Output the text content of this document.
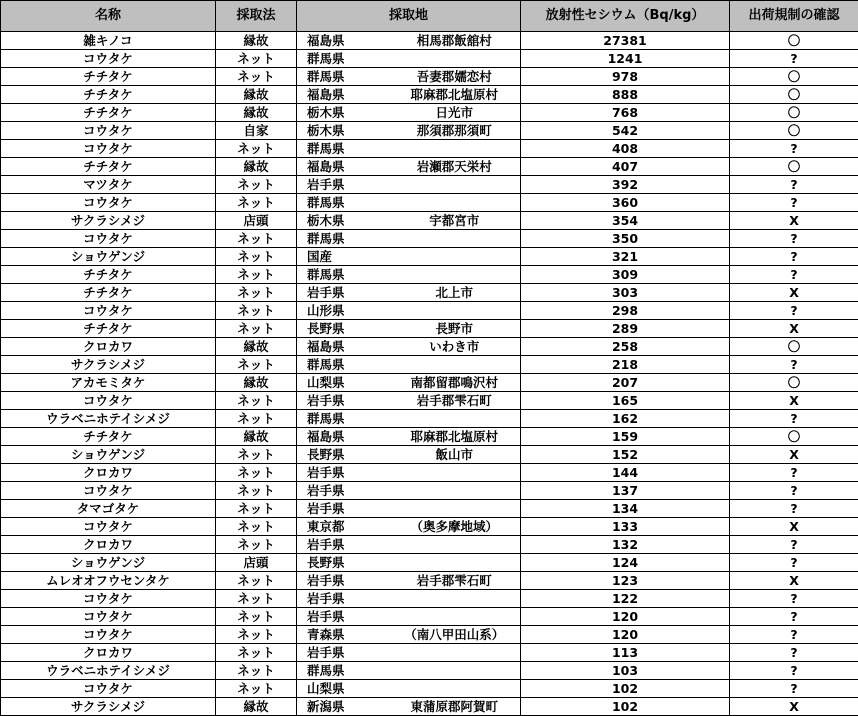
名称	採取法	採取地		放射性セシウム（Bq/kg）	出荷規制の確認
雑キノコ	縁故	福島県	相馬郡飯舘村	27381	〇
コウタケ	ネット	群馬県		1241	?
チチタケ	ネット	群馬県	吾妻郡嬬恋村	978	〇
チチタケ	縁故	福島県	耶麻郡北塩原村	888	〇
チチタケ	縁故	栃木県	日光市	768	〇
コウタケ	自家	栃木県	那須郡那須町	542	〇
コウタケ	ネット	群馬県		408	?
チチタケ	縁故	福島県	岩瀬郡天栄村	407	〇
マツタケ	ネット	岩手県		392	?
コウタケ	ネット	群馬県		360	?
サクラシメジ	店頭	栃木県	宇都宮市	354	X
コウタケ	ネット	群馬県		350	?
ショウゲンジ	ネット	国産		321	?
チチタケ	ネット	群馬県		309	?
チチタケ	ネット	岩手県	北上市	303	X
コウタケ	ネット	山形県		298	?
チチタケ	ネット	長野県	長野市	289	X
クロカワ	縁故	福島県	いわき市	258	〇
サクラシメジ	ネット	群馬県		218	?
アカモミタケ	縁故	山梨県	南都留郡鳴沢村	207	〇
コウタケ	ネット	岩手県	岩手郡雫石町	165	X
ウラベニホテイシメジ	ネット	群馬県		162	?
チチタケ	縁故	福島県	耶麻郡北塩原村	159	〇
ショウゲンジ	ネット	長野県	飯山市	152	X
クロカワ	ネット	岩手県		144	?
コウタケ	ネット	岩手県		137	?
タマゴタケ	ネット	岩手県		134	?
コウタケ	ネット	東京都	（奥多摩地域）	133	X
クロカワ	ネット	岩手県		132	?
ショウゲンジ	店頭	長野県		124	?
ムレオオフウセンタケ	ネット	岩手県	岩手郡雫石町	123	X
コウタケ	ネット	岩手県		122	?
コウタケ	ネット	岩手県		120	?
コウタケ	ネット	青森県	（南八甲田山系）	120	?
クロカワ	ネット	岩手県		113	?
ウラベニホテイシメジ	ネット	群馬県		103	?
コウタケ	ネット	山梨県		102	?
サクラシメジ	縁故	新潟県	東蒲原郡阿賀町	102	X
